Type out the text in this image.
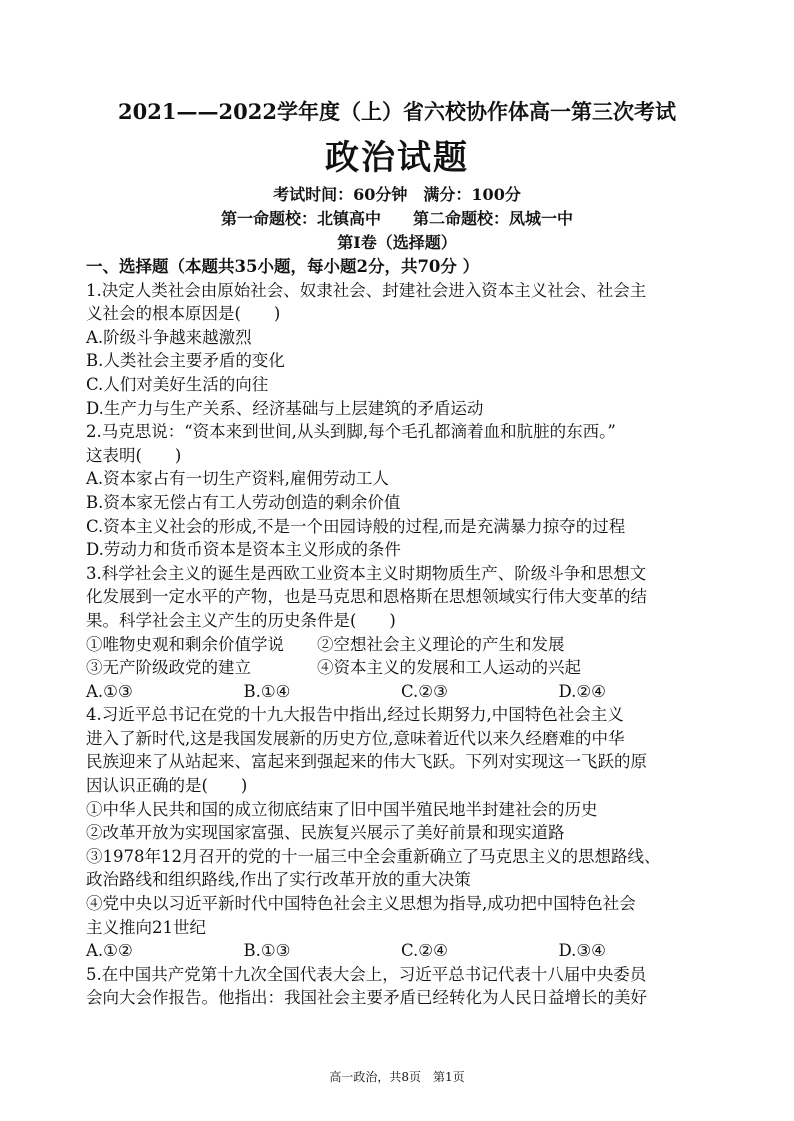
2021——2022学年度（上）省六校协作体高一第三次考试
政治试题
考试时间：60分钟　满分：100分
第一命题校：北镇高中　　第二命题校：凤城一中
第Ⅰ卷（选择题）
一、选择题（本题共35小题，每小题2分，共70分 ）
1.决定人类社会由原始社会、奴隶社会、封建社会进入资本主义社会、社会主
义社会的根本原因是(　　)
A.阶级斗争越来越激烈
B.人类社会主要矛盾的变化
C.人们对美好生活的向往
D.生产力与生产关系、经济基础与上层建筑的矛盾运动
2.马克思说：“资本来到世间,从头到脚,每个毛孔都滴着血和肮脏的东西。”
这表明(　　)
A.资本家占有一切生产资料,雇佣劳动工人
B.资本家无偿占有工人劳动创造的剩余价值
C.资本主义社会的形成,不是一个田园诗般的过程,而是充满暴力掠夺的过程
D.劳动力和货币资本是资本主义形成的条件
3.科学社会主义的诞生是西欧工业资本主义时期物质生产、阶级斗争和思想文
化发展到一定水平的产物，也是马克思和恩格斯在思想领域实行伟大变革的结
果。科学社会主义产生的历史条件是(　　)
①唯物史观和剩余价值学说　　②空想社会主义理论的产生和发展
③无产阶级政党的建立　　　　④资本主义的发展和工人运动的兴起
A.①③	B.①④	C.②③	D.②④
4.习近平总书记在党的十九大报告中指出,经过长期努力,中国特色社会主义
进入了新时代,这是我国发展新的历史方位,意味着近代以来久经磨难的中华
民族迎来了从站起来、富起来到强起来的伟大飞跃。下列对实现这一飞跃的原
因认识正确的是(　　)
①中华人民共和国的成立彻底结束了旧中国半殖民地半封建社会的历史
②改革开放为实现国家富强、民族复兴展示了美好前景和现实道路
③1978年12月召开的党的十一届三中全会重新确立了马克思主义的思想路线、
政治路线和组织路线,作出了实行改革开放的重大决策
④党中央以习近平新时代中国特色社会主义思想为指导,成功把中国特色社会
主义推向21世纪
A.①②	B.①③	C.②④	D.③④
5.在中国共产党第十九次全国代表大会上，习近平总书记代表十八届中央委员
会向大会作报告。他指出：我国社会主要矛盾已经转化为人民日益增长的美好
高一政治，共8页　第1页
